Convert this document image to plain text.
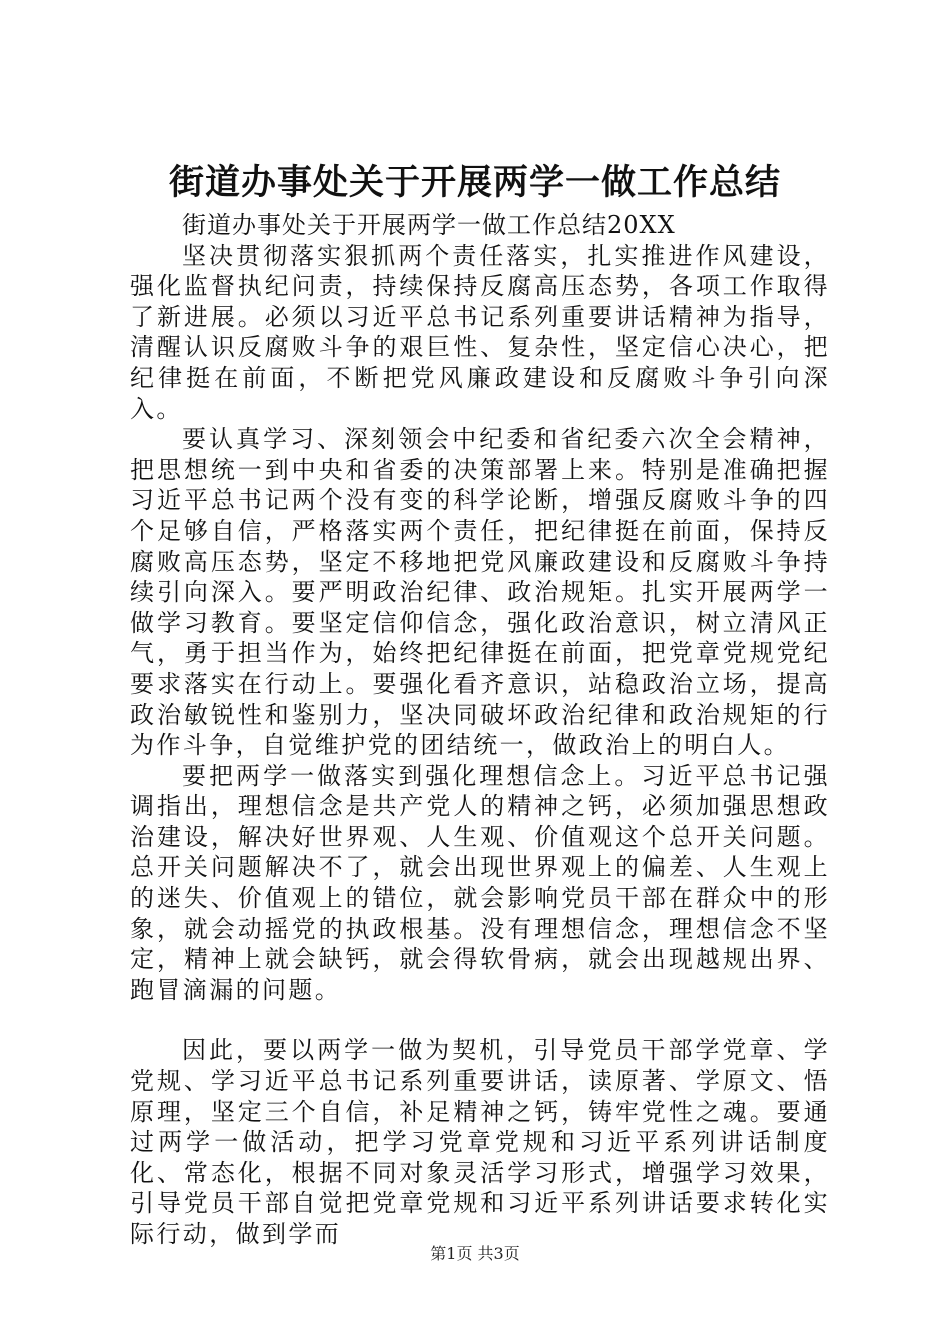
街道办事处关于开展两学一做工作总结

街道办事处关于开展两学一做工作总结20XX

坚决贯彻落实狠抓两个责任落实，扎实推进作风建设，强化监督执纪问责，持续保持反腐高压态势，各项工作取得了新进展。必须以习近平总书记系列重要讲话精神为指导，清醒认识反腐败斗争的艰巨性、复杂性，坚定信心决心，把纪律挺在前面，不断把党风廉政建设和反腐败斗争引向深入。

要认真学习、深刻领会中纪委和省纪委六次全会精神，把思想统一到中央和省委的决策部署上来。特别是准确把握习近平总书记两个没有变的科学论断，增强反腐败斗争的四个足够自信，严格落实两个责任，把纪律挺在前面，保持反腐败高压态势，坚定不移地把党风廉政建设和反腐败斗争持续引向深入。要严明政治纪律、政治规矩。扎实开展两学一做学习教育。要坚定信仰信念，强化政治意识，树立清风正气，勇于担当作为，始终把纪律挺在前面，把党章党规党纪要求落实在行动上。要强化看齐意识，站稳政治立场，提高政治敏锐性和鉴别力，坚决同破坏政治纪律和政治规矩的行为作斗争，自觉维护党的团结统一，做政治上的明白人。

要把两学一做落实到强化理想信念上。习近平总书记强调指出，理想信念是共产党人的精神之钙，必须加强思想政治建设，解决好世界观、人生观、价值观这个总开关问题。总开关问题解决不了，就会出现世界观上的偏差、人生观上的迷失、价值观上的错位，就会影响党员干部在群众中的形象，就会动摇党的执政根基。没有理想信念，理想信念不坚定，精神上就会缺钙，就会得软骨病，就会出现越规出界、跑冒滴漏的问题。

因此，要以两学一做为契机，引导党员干部学党章、学党规、学习近平总书记系列重要讲话，读原著、学原文、悟原理，坚定三个自信，补足精神之钙，铸牢党性之魂。要通过两学一做活动，把学习党章党规和习近平系列讲话制度化、常态化，根据不同对象灵活学习形式，增强学习效果，引导党员干部自觉把党章党规和习近平系列讲话要求转化实际行动，做到学而

第1页 共3页
